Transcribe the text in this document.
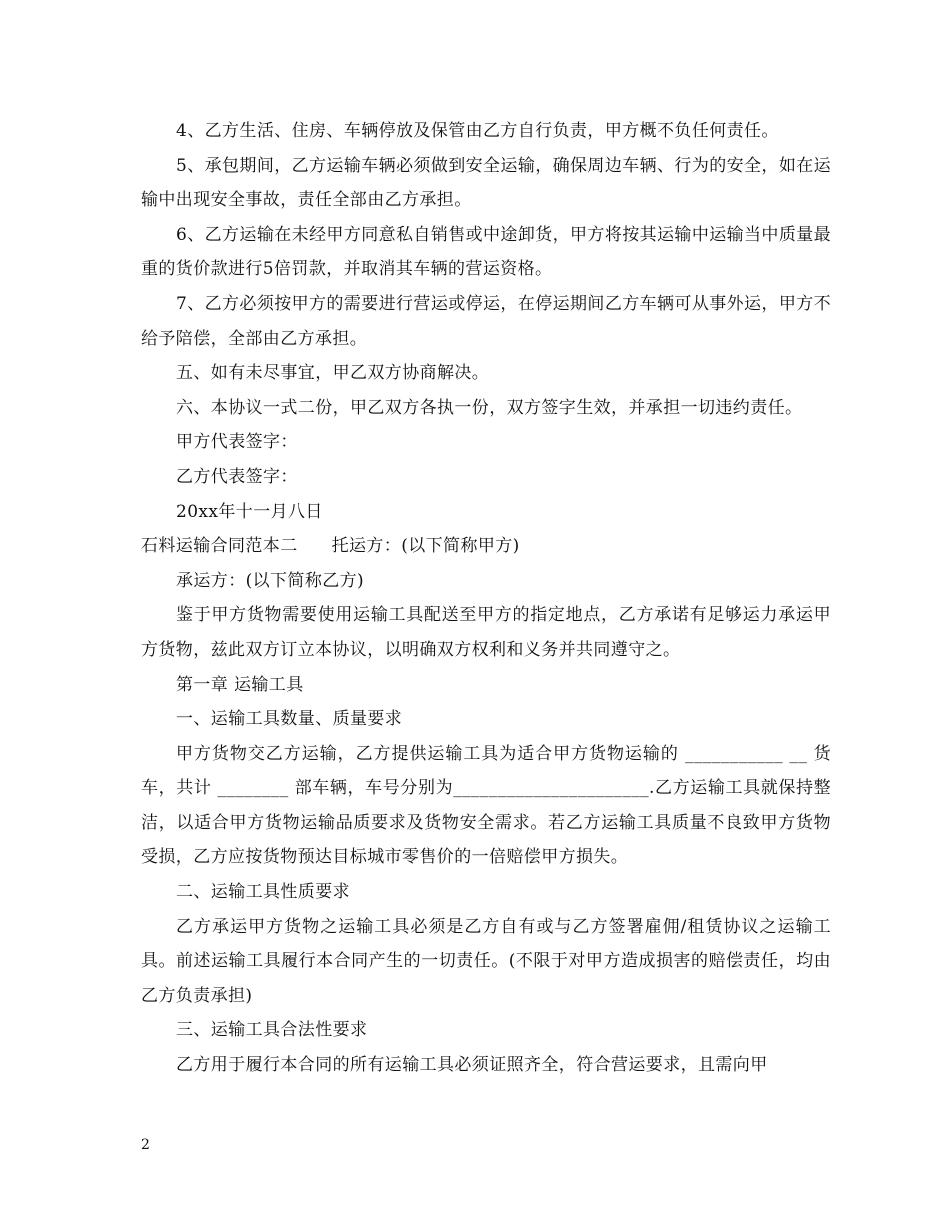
4、乙方生活、住房、车辆停放及保管由乙方自行负责，甲方概不负任何责任。

5、承包期间，乙方运输车辆必须做到安全运输，确保周边车辆、行为的安全，如在运输中出现安全事故，责任全部由乙方承担。

6、乙方运输在未经甲方同意私自销售或中途卸货，甲方将按其运输中运输当中质量最重的货价款进行5倍罚款，并取消其车辆的营运资格。

7、乙方必须按甲方的需要进行营运或停运，在停运期间乙方车辆可从事外运，甲方不给予陪偿，全部由乙方承担。

五、如有未尽事宜，甲乙双方协商解决。

六、本协议一式二份，甲乙双方各执一份，双方签字生效，并承担一切违约责任。

甲方代表签字：

乙方代表签字：

20xx年十一月八日

石料运输合同范本二 托运方：(以下简称甲方)

承运方：(以下简称乙方)

鉴于甲方货物需要使用运输工具配送至甲方的指定地点，乙方承诺有足够运力承运甲方货物，兹此双方订立本协议，以明确双方权利和义务并共同遵守之。

第一章 运输工具

一、运输工具数量、质量要求

甲方货物交乙方运输，乙方提供运输工具为适合甲方货物运输的 ___________ __ 货车，共计 ________ 部车辆，车号分别为______________________.乙方运输工具就保持整洁，以适合甲方货物运输品质要求及货物安全需求。若乙方运输工具质量不良致甲方货物受损，乙方应按货物预达目标城市零售价的一倍赔偿甲方损失。

二、运输工具性质要求

乙方承运甲方货物之运输工具必须是乙方自有或与乙方签署雇佣/租赁协议之运输工具。前述运输工具履行本合同产生的一切责任。(不限于对甲方造成损害的赔偿责任，均由乙方负责承担)

三、运输工具合法性要求

乙方用于履行本合同的所有运输工具必须证照齐全，符合营运要求，且需向甲

2
